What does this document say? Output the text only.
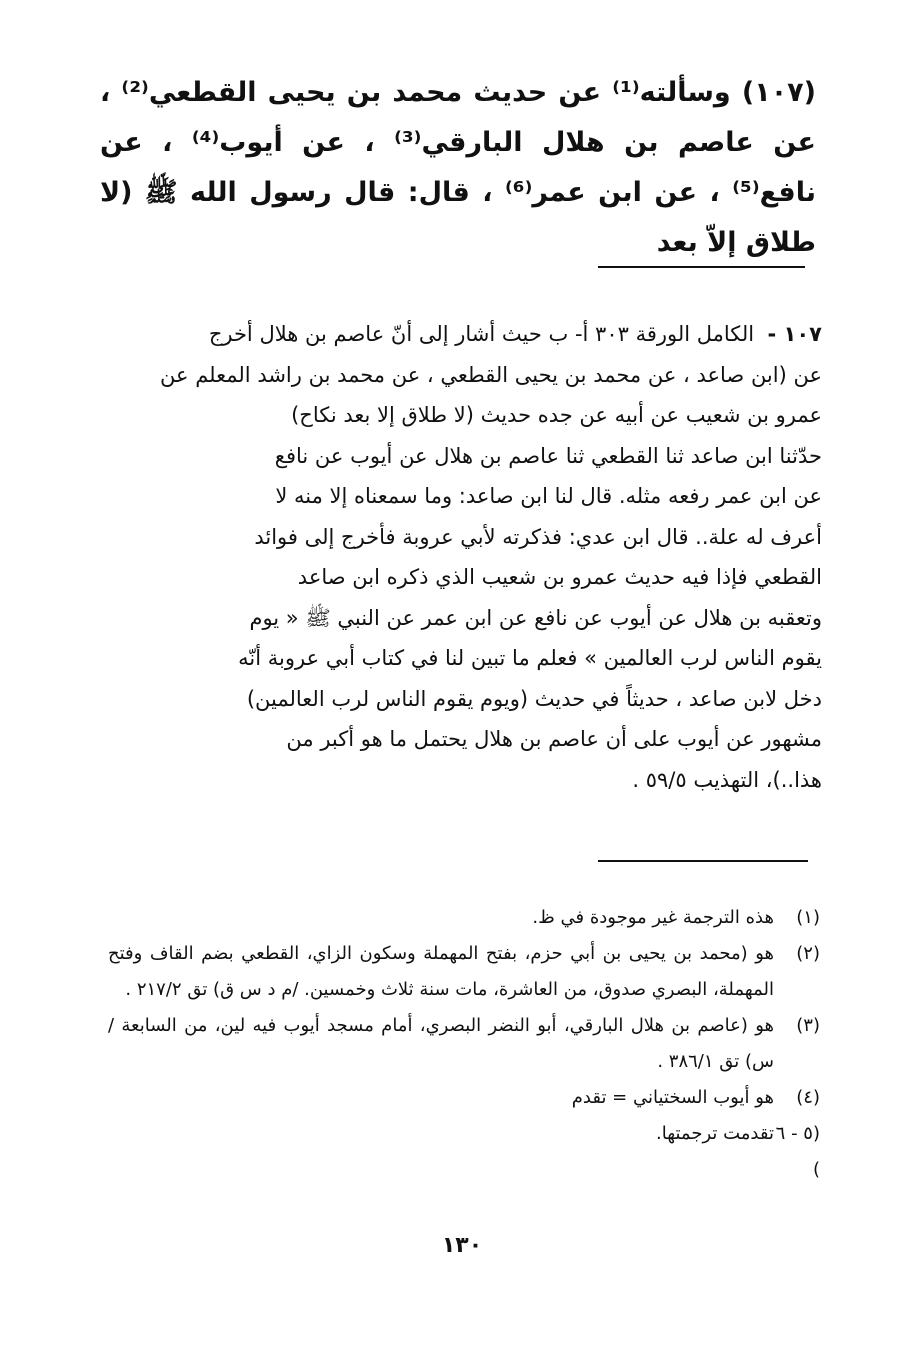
(١٠٧) وسألته⁽¹⁾ عن حديث محمد بن يحيى القطعي⁽²⁾ ، عن عاصم بن هلال البارقي⁽³⁾ ، عن أيوب⁽⁴⁾ ، عن نافع⁽⁵⁾ ، عن ابن عمر⁽⁶⁾ ، قال: قال رسول الله ﷺ (لا طلاق إلاّ بعد
١٠٧ -  الكامل الورقة ٣٠٣ أ- ب حيث أشار إلى أنّ عاصم بن هلال أخرج
عن (ابن صاعد ، عن محمد بن يحيى القطعي ، عن محمد بن راشد المعلم عن
عمرو بن شعيب عن أبيه عن جده حديث (لا طلاق إلا بعد نكاح)
حدّثنا ابن صاعد ثنا القطعي ثنا عاصم بن هلال عن أيوب عن نافع
عن ابن عمر رفعه مثله. قال لنا ابن صاعد: وما سمعناه إلا منه لا
أعرف له علة.. قال ابن عدي: فذكرته لأبي عروبة فأخرج إلى فوائد
القطعي فإذا فيه حديث عمرو بن شعيب الذي ذكره ابن صاعد
وتعقبه بن هلال عن أيوب عن نافع عن ابن عمر عن النبي ﷺ « يوم
يقوم الناس لرب العالمين » فعلم ما تبين لنا في كتاب أبي عروبة أنّه
دخل لابن صاعد ، حديثاً في حديث (ويوم يقوم الناس لرب العالمين)
مشهور عن أيوب على أن عاصم بن هلال يحتمل ما هو أكبر من
هذا..)، التهذيب ٥٩/٥ .
(١)
هذه الترجمة غير موجودة في ظ.
(٢)
هو (محمد بن يحيى بن أبي حزم، بفتح المهملة وسكون الزاي، القطعي بضم القاف وفتح المهملة، البصري صدوق، من العاشرة، مات سنة ثلاث وخمسين. /م د س ق) تق ٢١٧/٢ .
(٣)
هو (عاصم بن هلال البارقي، أبو النضر البصري، أمام مسجد أيوب فيه لين، من السابعة /س) تق ٣٨٦/١ .
(٤)
هو أيوب السختياني = تقدم
(٥ - ٦ )
تقدمت ترجمتها.
١٣٠
